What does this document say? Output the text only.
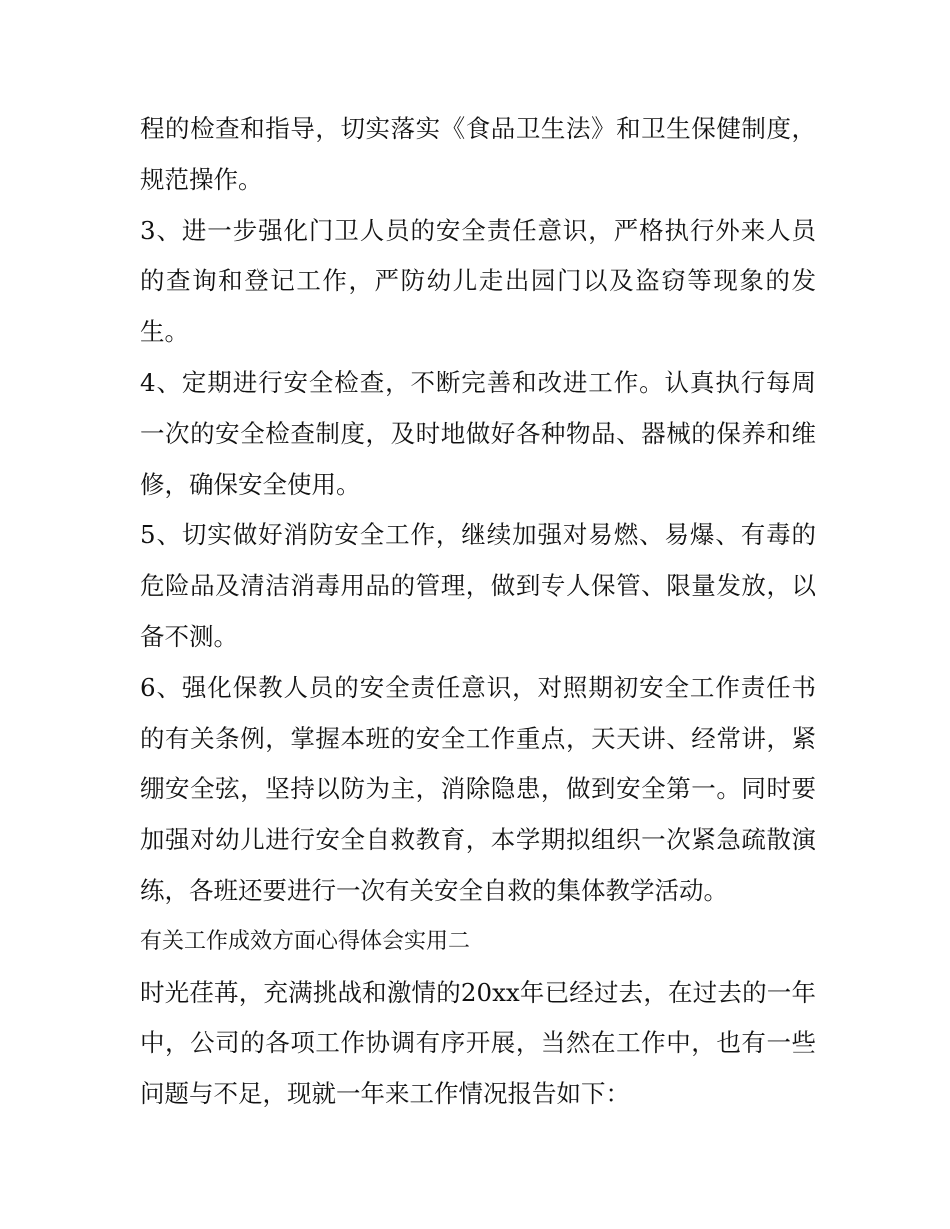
程的检查和指导，切实落实《食品卫生法》和卫生保健制度，规范操作。

3、进一步强化门卫人员的安全责任意识，严格执行外来人员的查询和登记工作，严防幼儿走出园门以及盗窃等现象的发生。

4、定期进行安全检查，不断完善和改进工作。认真执行每周一次的安全检查制度，及时地做好各种物品、器械的保养和维修，确保安全使用。

5、切实做好消防安全工作，继续加强对易燃、易爆、有毒的危险品及清洁消毒用品的管理，做到专人保管、限量发放，以备不测。

6、强化保教人员的安全责任意识，对照期初安全工作责任书的有关条例，掌握本班的安全工作重点，天天讲、经常讲，紧绷安全弦，坚持以防为主，消除隐患，做到安全第一。同时要加强对幼儿进行安全自救教育，本学期拟组织一次紧急疏散演练，各班还要进行一次有关安全自救的集体教学活动。

有关工作成效方面心得体会实用二

时光荏苒，充满挑战和激情的20xx年已经过去，在过去的一年中，公司的各项工作协调有序开展，当然在工作中，也有一些问题与不足，现就一年来工作情况报告如下：
